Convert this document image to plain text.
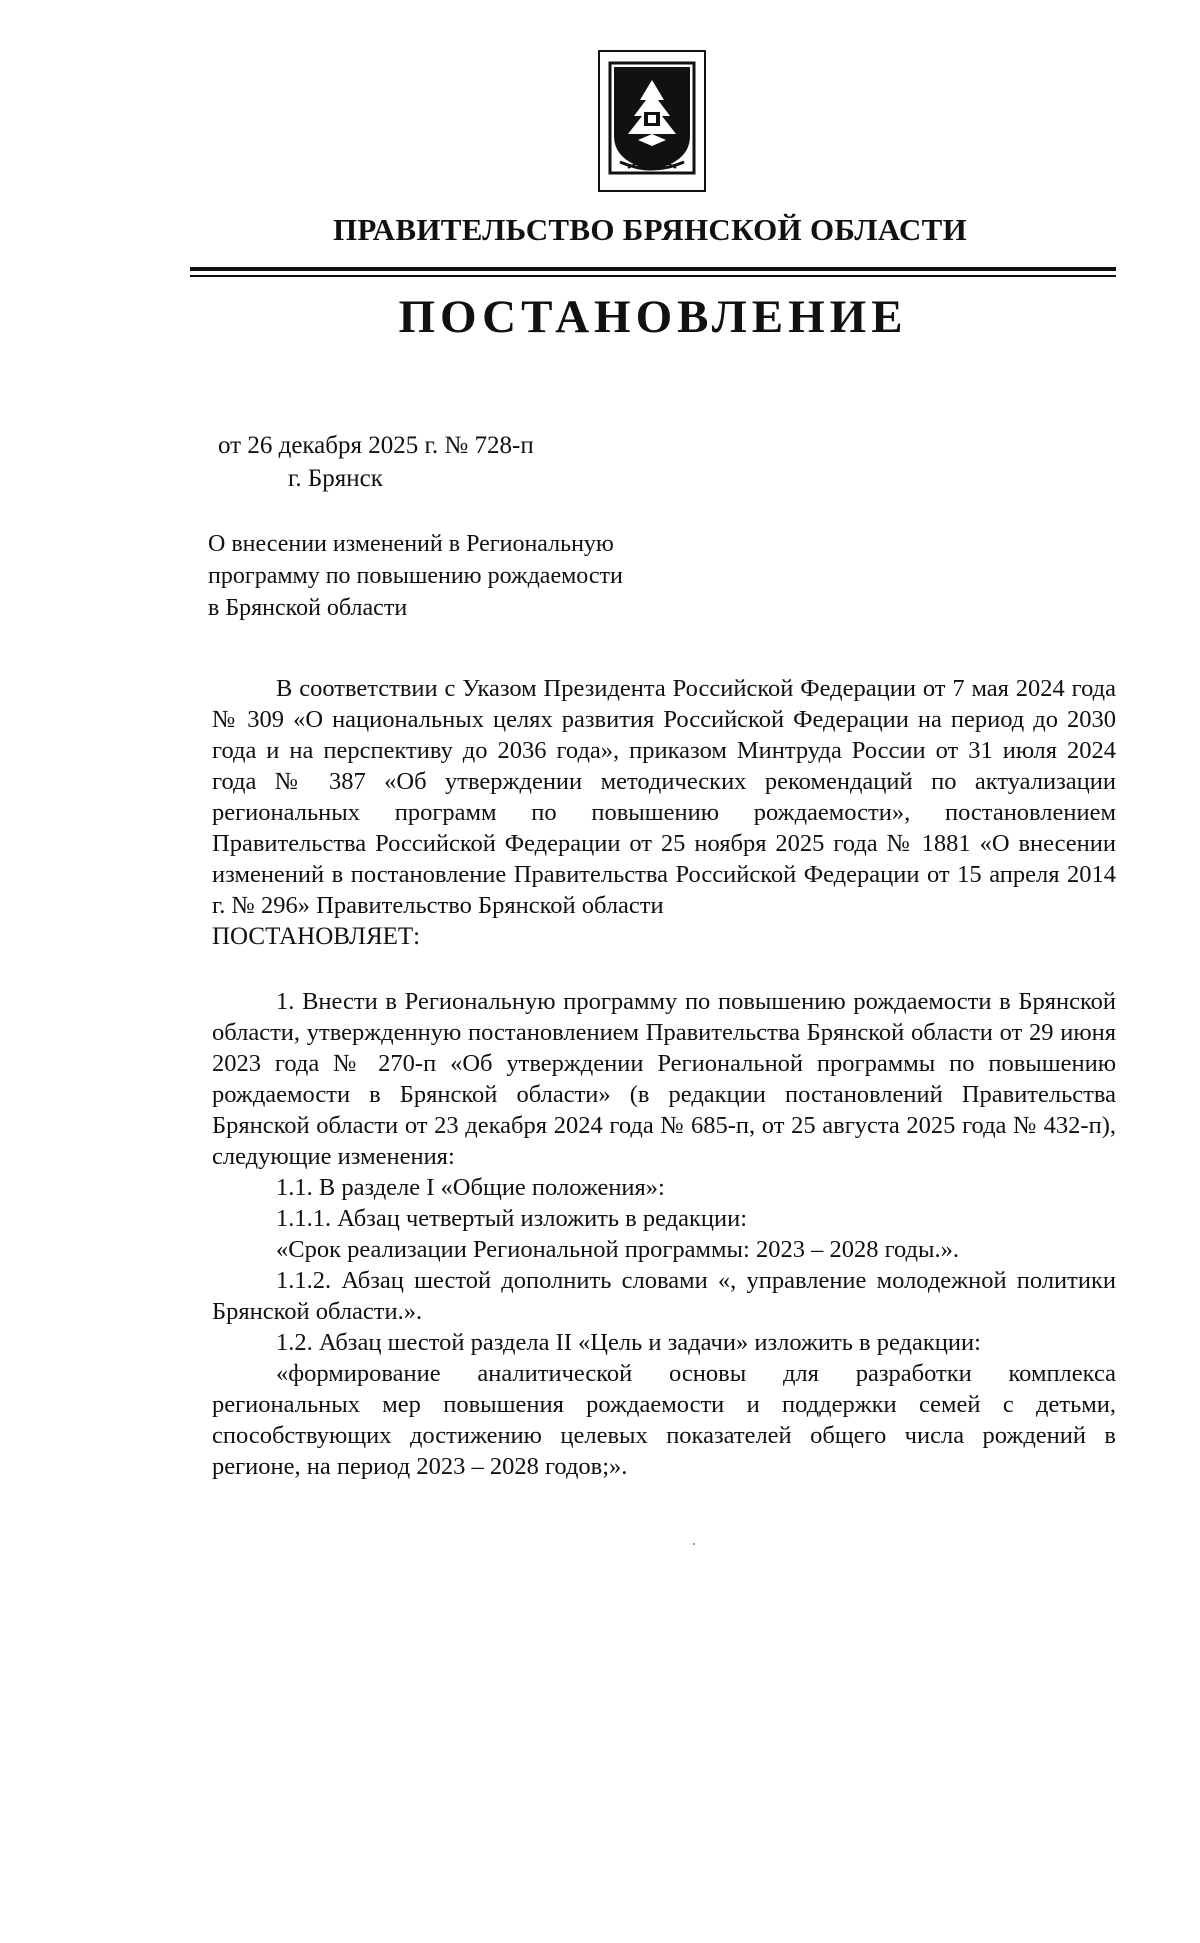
ПРАВИТЕЛЬСТВО БРЯНСКОЙ ОБЛАСТИ
ПОСТАНОВЛЕНИЕ
от 26 декабря 2025 г. № 728-п
г. Брянск
О внесении изменений в Региональную
программу по повышению рождаемости
в Брянской области

В соответствии с Указом Президента Российской Федерации от 7 мая 2024 года № 309 «О национальных целях развития Российской Федерации на период до 2030 года и на перспективу до 2036 года», приказом Минтруда России от 31 июля 2024 года № 387 «Об утверждении методических рекомендаций по актуализации региональных программ по повышению рождаемости», постановлением Правительства Российской Федерации от 25 ноября 2025 года № 1881 «О внесении изменений в постановление Правительства Российской Федерации от 15 апреля 2014 г. № 296» Правительство Брянской области

ПОСТАНОВЛЯЕТ:

1. Внести в Региональную программу по повышению рождаемости в Брянской области, утвержденную постановлением Правительства Брянской области от 29 июня 2023 года № 270-п «Об утверждении Региональной программы по повышению рождаемости в Брянской области» (в редакции постановлений Правительства Брянской области от 23 декабря 2024 года № 685-п, от 25 августа 2025 года № 432-п), следующие изменения:

1.1. В разделе I «Общие положения»:

1.1.1. Абзац четвертый изложить в редакции:

«Срок реализации Региональной программы: 2023 – 2028 годы.».

1.1.2. Абзац шестой дополнить словами «, управление молодежной политики Брянской области.».

1.2. Абзац шестой раздела II «Цель и задачи» изложить в редакции:

«формирование аналитической основы для разработки комплекса региональных мер повышения рождаемости и поддержки семей с детьми, способствующих достижению целевых показателей общего числа рождений в регионе, на период 2023 – 2028 годов;».
